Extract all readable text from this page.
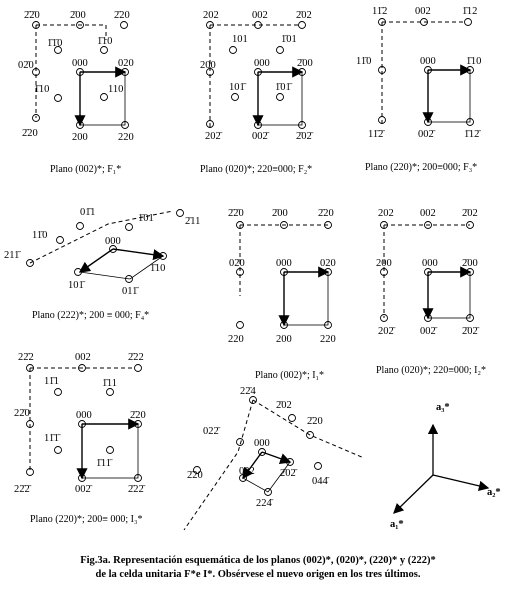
2̄2̄0	2̄00	2̄20
1̄1̄0	1̄10
02̄0	000	020
110
1̄10
2̄20	200	220
Plano (002)*; F₁*
202	002	2̄02
101	1̄01
200	000	2̄00
101̄	1̄01̄
202̄	002̄	2̄02̄
Plano (020)*; 220≡000; F₂*
11̄2	002	1̄12
11̄0	000	1̄10
11̄2̄	002̄	1̄12̄
Plano (220)*; 200≡000; F₃*
01̄1
1̄01	2̄11
11̄0
211̄
000
1̄10
101̄
011̄
Plano (222)*; 200 ≡ 000; F₄*
2̄2̄0	2̄00	2̄20
02̄0	000	020
220	200	220
Plano (002)*; I₁*
202	002	2̄02
200	000 2̄00
202̄	002̄	2̄02̄
Plano (020)*; 220≡000; I₂*
22̄2	002	2̄22
11̄1	1̄11
22̄0	000	2̄20
11̄1̄
1̄11̄
22̄2̄	002̄	2̄22̄
Plano (220)*; 200≡ 000; I₃*
22̄4
2̄02
2̄20
022̄
000
2̄20	022 2̄02̄
044̄
224̄
a₃*
a₂*
a₁*
Fig.3a. Representación esquemática de los planos (002)*, (020)*, (220)* y (222)*
de la celda unitaria F*e I*. Obsérvese el nuevo origen en los tres últimos.
